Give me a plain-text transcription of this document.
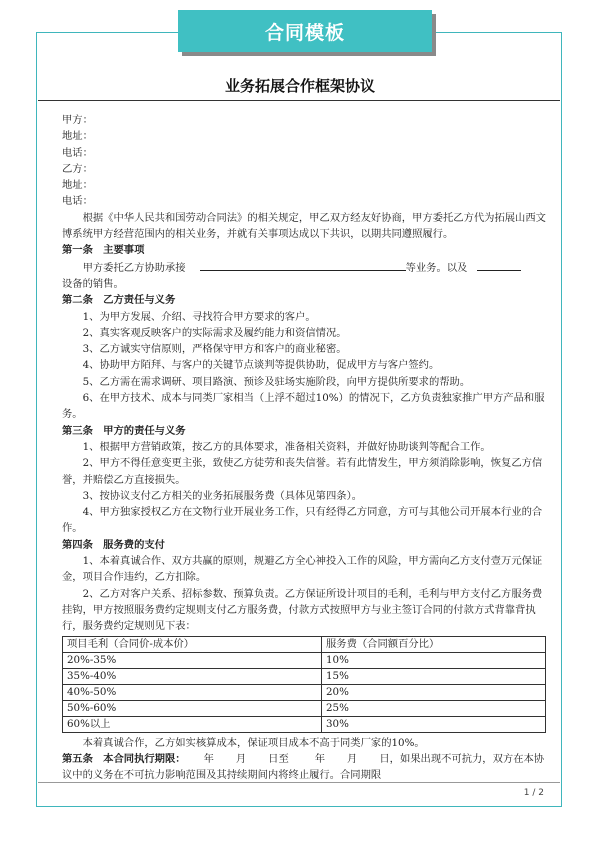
合同模板
业务拓展合作框架协议

甲方：

地址：

电话：

乙方：

地址：

电话：

根据《中华人民共和国劳动合同法》的相关规定，甲乙双方经友好协商，甲方委托乙方代为拓展山西文博系统甲方经营范围内的相关业务，并就有关事项达成以下共识，以期共同遵照履行。

第一条　主要事项

甲方委托乙方协助承接	等业务。以及

设备的销售。

第二条　乙方责任与义务

1、为甲方发展、介绍、寻找符合甲方要求的客户。

2、真实客观反映客户的实际需求及履约能力和资信情况。

3、乙方诚实守信原则，严格保守甲方和客户的商业秘密。

4、协助甲方陌拜、与客户的关键节点谈判等提供协助，促成甲方与客户签约。

5、乙方需在需求调研、项目路演、预诊及驻场实施阶段，向甲方提供所要求的帮助。

6、在甲方技术、成本与同类厂家相当（上浮不超过10%）的情况下，乙方负责独家推广甲方产品和服务。

第三条　甲方的责任与义务

1、根据甲方营销政策，按乙方的具体要求，准备相关资料，并做好协助谈判等配合工作。

2、甲方不得任意变更主张，致使乙方徒劳和丧失信誉。若有此情发生，甲方须消除影响，恢复乙方信誉，并赔偿乙方直接损失。

3、按协议支付乙方相关的业务拓展服务费（具体见第四条）。

4、甲方独家授权乙方在文物行业开展业务工作，只有经得乙方同意，方可与其他公司开展本行业的合作。

第四条　服务费的支付

1、本着真诚合作、双方共赢的原则，规避乙方全心神投入工作的风险，甲方需向乙方支付壹万元保证金，项目合作违约，乙方扣除。

2、乙方对客户关系、招标参数、预算负责。乙方保证所设计项目的毛利，毛利与甲方支付乙方服务费挂钩，甲方按照服务费约定规则支付乙方服务费，付款方式按照甲方与业主签订合同的付款方式背靠背执行，服务费约定规则见下表：

项目毛利（合同价-成本价）	服务费（合同额百分比）
20%-35%	10%
35%-40%	15%
40%-50%	20%
50%-60%	25%
60%以上	30%

本着真诚合作，乙方如实核算成本，保证项目成本不高于同类厂家的10%。

第五条　本合同执行期限： 年 月 日至	年 月 日，如果出现不可抗力，双方在本协议中的义务在不可抗力影响范围及其持续期间内将终止履行。合同期限

1 / 2
